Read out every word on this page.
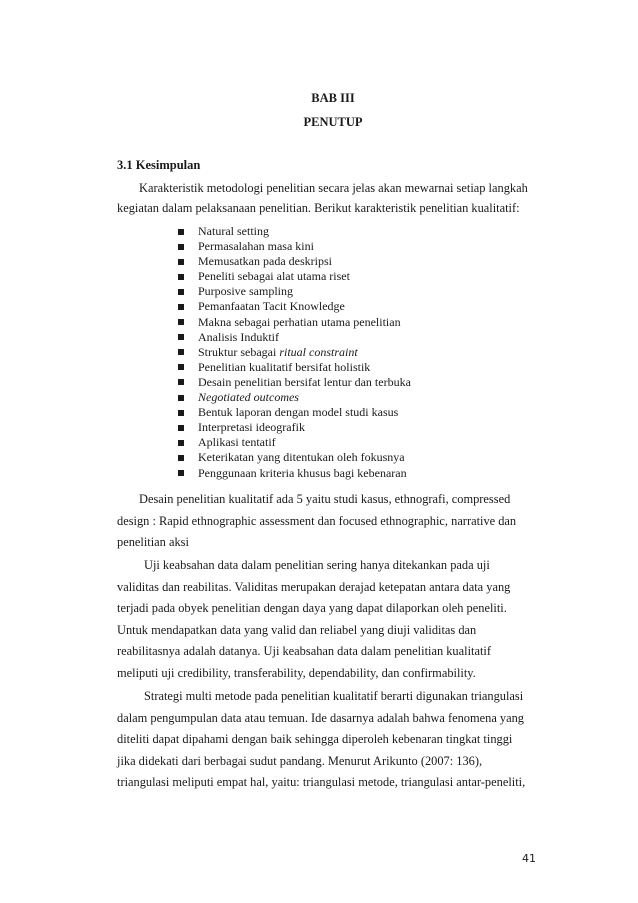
BAB III
PENUTUP
3.1 Kesimpulan
Karakteristik metodologi penelitian secara jelas akan mewarnai setiap langkah
kegiatan dalam pelaksanaan penelitian. Berikut karakteristik penelitian kualitatif:
Natural setting
Permasalahan masa kini
Memusatkan pada deskripsi
Peneliti sebagai alat utama riset
Purposive sampling
Pemanfaatan Tacit Knowledge
Makna sebagai perhatian utama penelitian
Analisis Induktif
Struktur sebagai ritual constraint
Penelitian kualitatif bersifat holistik
Desain penelitian bersifat lentur dan terbuka
Negotiated outcomes
Bentuk laporan dengan model studi kasus
Interpretasi ideografik
Aplikasi tentatif
Keterikatan yang ditentukan oleh fokusnya
Penggunaan kriteria khusus bagi kebenaran
Desain penelitian kualitatif ada 5 yaitu studi kasus, ethnografi, compressed
design : Rapid ethnographic assessment dan focused ethnographic, narrative dan
penelitian aksi
Uji keabsahan data dalam penelitian sering hanya ditekankan pada uji
validitas dan reabilitas. Validitas merupakan derajad ketepatan antara data yang
terjadi pada obyek penelitian dengan daya yang dapat dilaporkan oleh peneliti.
Untuk mendapatkan data yang valid dan reliabel yang diuji validitas dan
reabilitasnya adalah datanya. Uji keabsahan data dalam penelitian kualitatif
meliputi uji credibility, transferability, dependability, dan confirmability.
Strategi multi metode pada penelitian kualitatif berarti digunakan triangulasi
dalam pengumpulan data atau temuan. Ide dasarnya adalah bahwa fenomena yang
diteliti dapat dipahami dengan baik sehingga diperoleh kebenaran tingkat tinggi
jika didekati dari berbagai sudut pandang. Menurut Arikunto (2007: 136),
triangulasi meliputi empat hal, yaitu: triangulasi metode, triangulasi antar-peneliti,
41
